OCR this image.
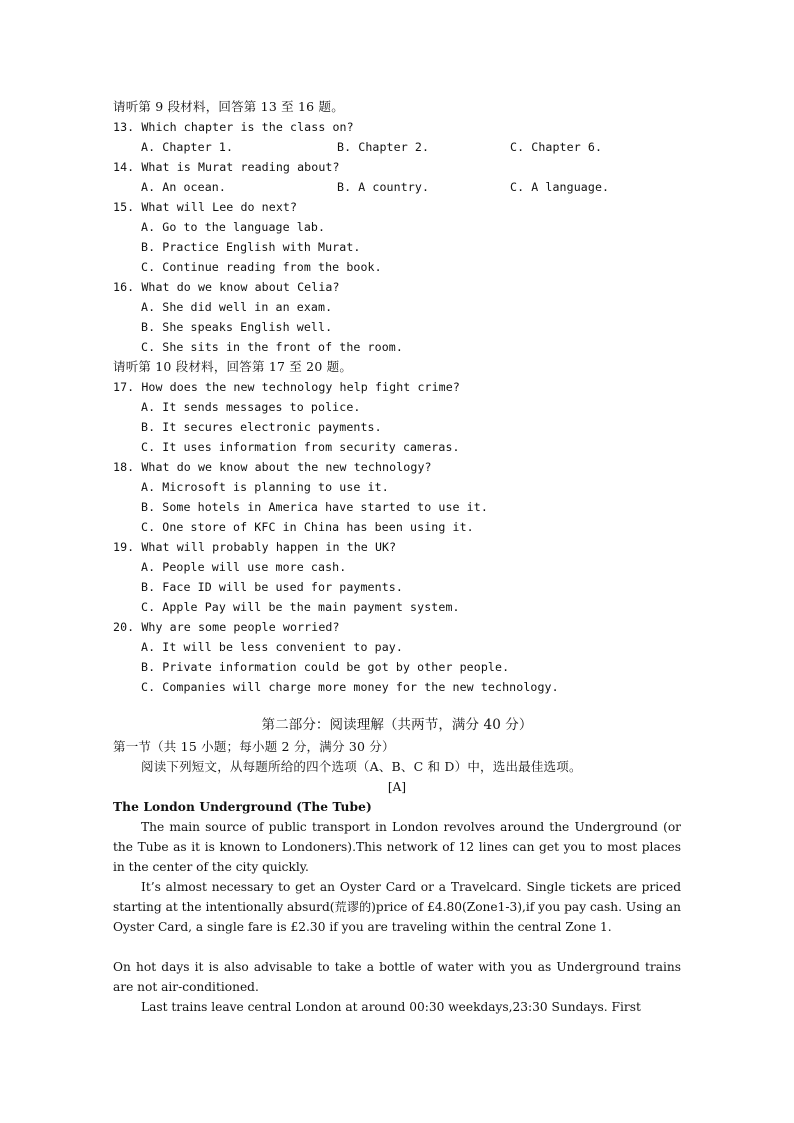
请听第 9 段材料，回答第 13 至 16 题。
13. Which chapter is the class on?
A. Chapter 1.	B. Chapter 2.	C. Chapter 6.
14. What is Murat reading about?
A. An ocean.	B. A country.	C. A language.
15. What will Lee do next?
A. Go to the language lab.
B. Practice English with Murat.
C. Continue reading from the book.
16. What do we know about Celia?
A. She did well in an exam.
B. She speaks English well.
C. She sits in the front of the room.
请听第 10 段材料，回答第 17 至 20 题。
17. How does the new technology help fight crime?
A. It sends messages to police.
B. It secures electronic payments.
C. It uses information from security cameras.
18. What do we know about the new technology?
A. Microsoft is planning to use it.
B. Some hotels in America have started to use it.
C. One store of KFC in China has been using it.
19. What will probably happen in the UK?
A. People will use more cash.
B. Face ID will be used for payments.
C. Apple Pay will be the main payment system.
20. Why are some people worried?
A. It will be less convenient to pay.
B. Private information could be got by other people.
C. Companies will charge more money for the new technology.
第二部分：阅读理解（共两节，满分 40 分）
第一节（共 15 小题；每小题 2 分，满分 30 分）
阅读下列短文，从每题所给的四个选项（A、B、C 和 D）中，选出最佳选项。
[A]
The London Underground (The Tube)
The main source of public transport in London revolves around the Underground (or the Tube as it is known to Londoners).This network of 12 lines can get you to most places in the center of the city quickly.
It’s almost necessary to get an Oyster Card or a Travelcard. Single tickets are priced starting at the intentionally absurd(荒谬的)price of £4.80(Zone1-3),if you pay cash. Using an Oyster Card, a single fare is £2.30 if you are traveling within the central Zone 1.
On hot days it is also advisable to take a bottle of water with you as Underground trains are not air-conditioned.
Last trains leave central London at around 00:30 weekdays,23:30 Sundays. First
